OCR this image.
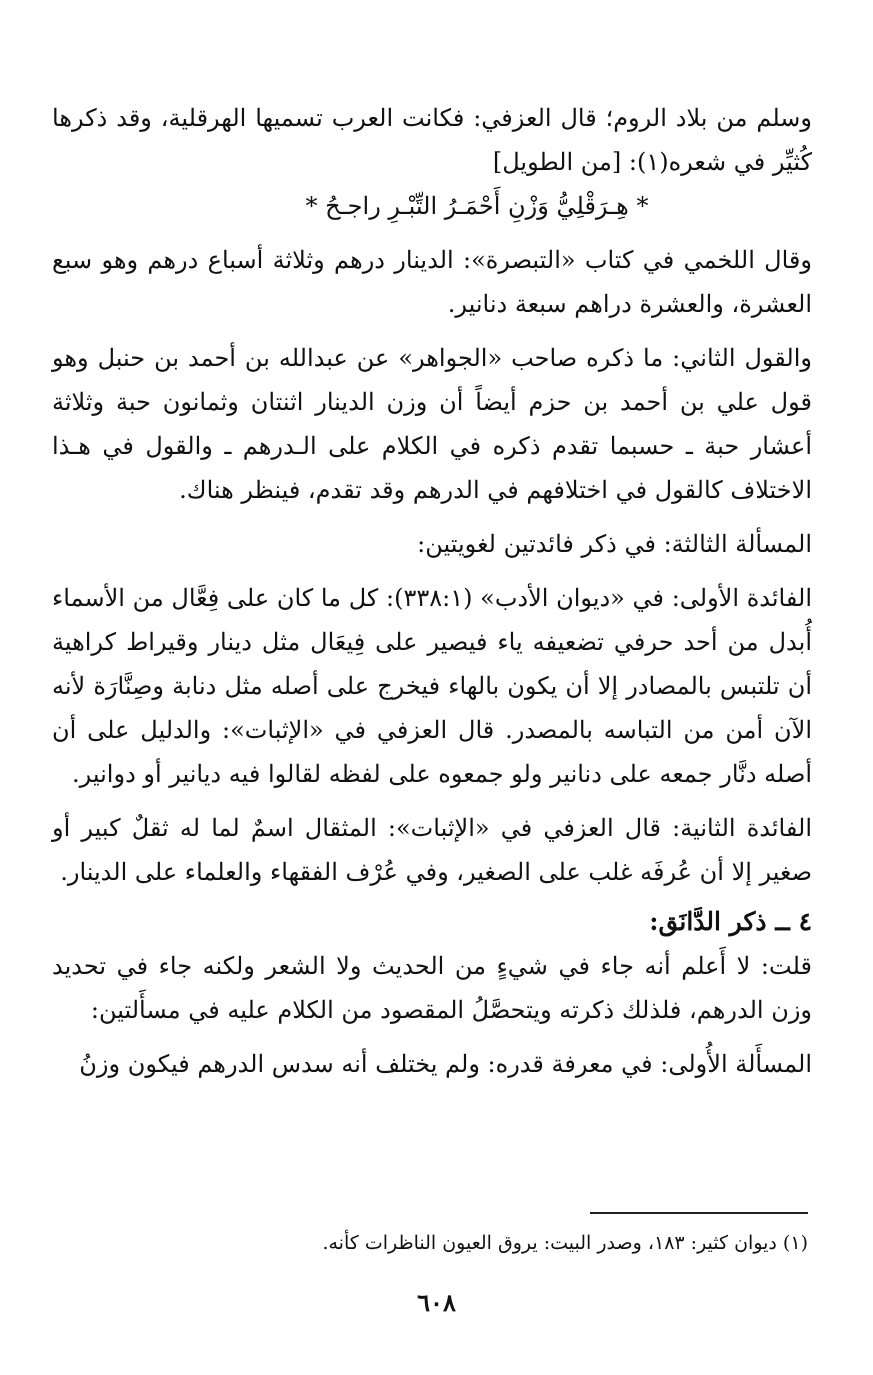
وسلم من بلاد الروم؛ قال العزفي: فكانت العرب تسميها الهرقلية، وقد ذكرها كُثيِّر في شعره(١): [من الطويل]

* هِـرَقْلِيُّ وَزْنِ أَحْمَـرُ التِّبْـرِ راجـحُ *

وقال اللخمي في كتاب «التبصرة»: الدينار درهم وثلاثة أسباع درهم وهو سبع العشرة، والعشرة دراهم سبعة دنانير.

والقول الثاني: ما ذكره صاحب «الجواهر» عن عبدالله بن أحمد بن حنبل وهو قول علي بن أحمد بن حزم أيضاً أن وزن الدينار اثنتان وثمانون حبة وثلاثة أعشار حبة ـ حسبما تقدم ذكره في الكلام على الـدرهم ـ والقول في هـذا الاختلاف كالقول في اختلافهم في الدرهم وقد تقدم، فينظر هناك.

المسألة الثالثة: في ذكر فائدتين لغويتين:

الفائدة الأولى: في «ديوان الأدب» (٣٣٨:١): كل ما كان على فِعَّال من الأسماء أُبدل من أحد حرفي تضعيفه ياء فيصير على فِيعَال مثل دينار وقيراط كراهية أن تلتبس بالمصادر إلا أن يكون بالهاء فيخرج على أصله مثل دنابة وصِنَّارَة لأنه الآن أمن من التباسه بالمصدر. قال العزفي في «الإثبات»: والدليل على أن أصله دنَّار جمعه على دنانير ولو جمعوه على لفظه لقالوا فيه ديانير أو دوانير.

الفائدة الثانية: قال العزفي في «الإثبات»: المثقال اسمٌ لما له ثقلٌ كبير أو صغير إلا أن عُرفَه غلب على الصغير، وفي عُرْف الفقهاء والعلماء على الدينار.

٤ ــ ذكر الدَّانَق:

قلت: لا أَعلم أنه جاء في شيءٍ من الحديث ولا الشعر ولكنه جاء في تحديد وزن الدرهم، فلذلك ذكرته ويتحصَّلُ المقصود من الكلام عليه في مسأَلتين:

المسأَلة الأُولى: في معرفة قدره: ولم يختلف أنه سدس الدرهم فيكون وزنُ

(١) ديوان كثير: ١٨٣، وصدر البيت: يروق العيون الناظرات كأنه.
٦٠٨
